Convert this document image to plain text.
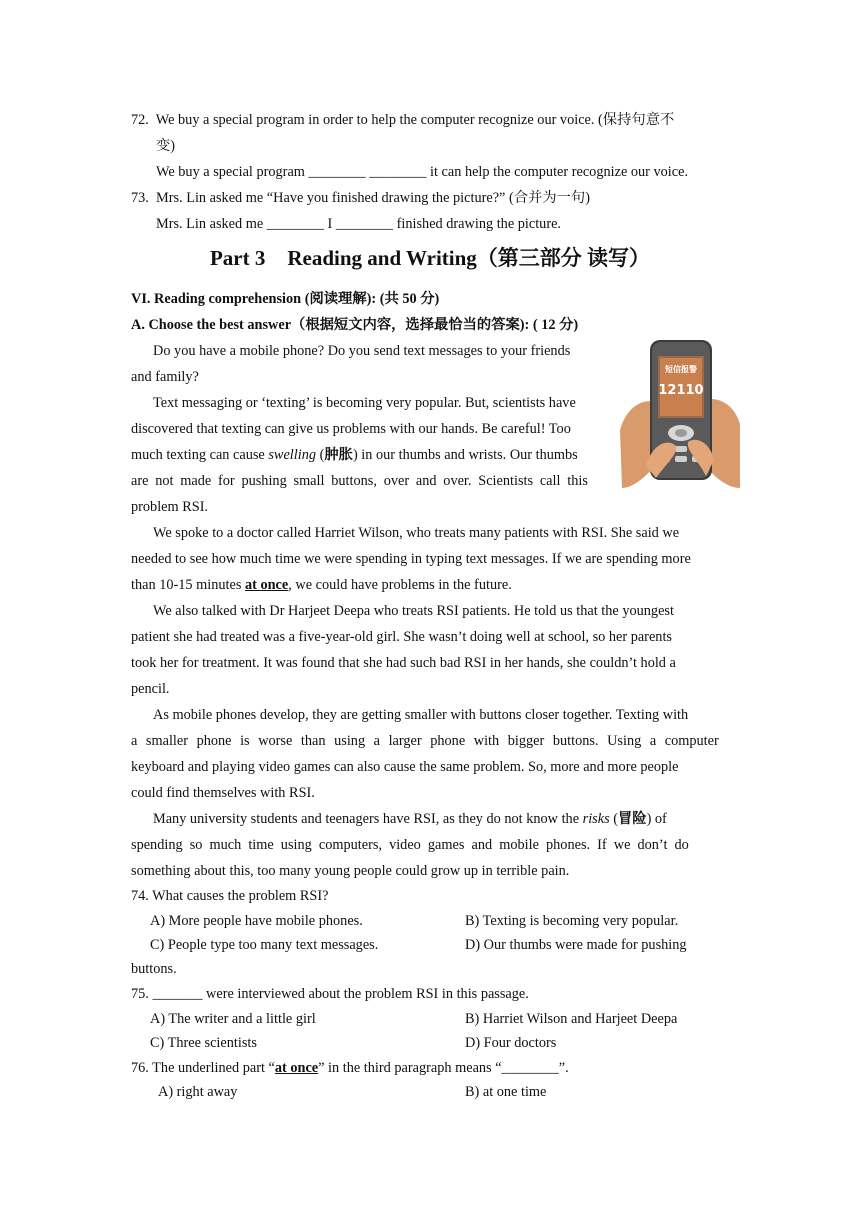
72.  We buy a special program in order to help the computer recognize our voice. (保持句意不
变)
We buy a special program ________ ________ it can help the computer recognize our voice.
73.  Mrs. Lin asked me “Have you finished drawing the picture?” (合并为一句)
Mrs. Lin asked me ________ I ________ finished drawing the picture.
Part 3 Reading and Writing（第三部分 读写）
VI. Reading comprehension (阅读理解): (共 50 分)
A. Choose the best answer（根据短文内容，选择最恰当的答案): ( 12 分)
短信报警
12110
Do you have a mobile phone? Do you send text messages to your friends
and family?
Text messaging or ‘texting’ is becoming very popular. But, scientists have
discovered that texting can give us problems with our hands. Be careful! Too
much texting can cause swelling (肿胀) in our thumbs and wrists. Our thumbs
are not made for pushing small buttons, over and over. Scientists call this
problem RSI.
We spoke to a doctor called Harriet Wilson, who treats many patients with RSI. She said we
needed to see how much time we were spending in typing text messages. If we are spending more
than 10-15 minutes at once, we could have problems in the future.
We also talked with Dr Harjeet Deepa who treats RSI patients. He told us that the youngest
patient she had treated was a five-year-old girl. She wasn’t doing well at school, so her parents
took her for treatment. It was found that she had such bad RSI in her hands, she couldn’t hold a
pencil.
As mobile phones develop, they are getting smaller with buttons closer together. Texting with
a smaller phone is worse than using a larger phone with bigger buttons. Using a computer
keyboard and playing video games can also cause the same problem. So, more and more people
could find themselves with RSI.
Many university students and teenagers have RSI, as they do not know the risks (冒险) of
spending so much time using computers, video games and mobile phones. If we don’t do
something about this, too many young people could grow up in terrible pain.
74. What causes the problem RSI?
A) More people have mobile phones.	B) Texting is becoming very popular.
C) People type too many text messages.	D) Our thumbs were made for pushing
buttons.
75. _______ were interviewed about the problem RSI in this passage.
A) The writer and a little girl	B) Harriet Wilson and Harjeet Deepa
C) Three scientists	D) Four doctors
76. The underlined part “at once” in the third paragraph means “________”.
A) right away	B) at one time
